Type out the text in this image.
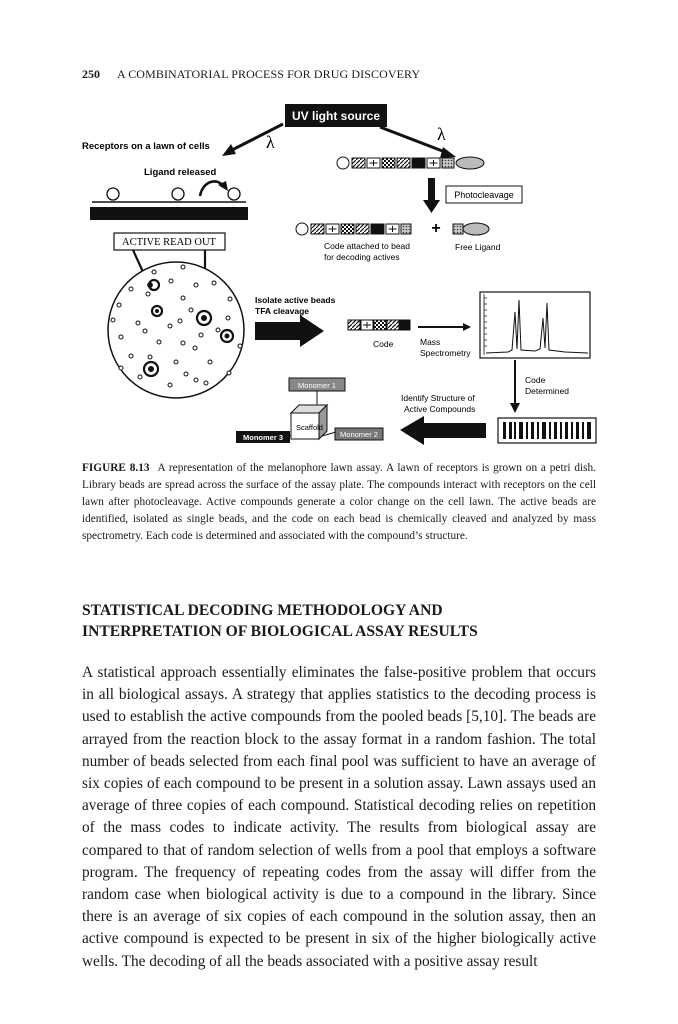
250 A COMBINATORIAL PROCESS FOR DRUG DISCOVERY
UV light source
λ	λ
Receptors on a lawn of cells
Ligand released
ACTIVE READ OUT
Photocleavage
+
Code attached to bead
for decoding actives
Free Ligand
Isolate active beads
TFA cleavage
Code	Mass
Spectrometry
Code
Determined
Identify Structure of
Active Compounds
Monomer 1
Scaffold
Monomer 3	Monomer 2
FIGURE 8.13 A representation of the melanophore lawn assay. A lawn of receptors is grown on a petri dish. Library beads are spread across the surface of the assay plate. The compounds interact with receptors on the cell lawn after photocleavage. Active compounds generate a color change on the cell lawn. The active beads are identified, isolated as single beads, and the code on each bead is chemically cleaved and analyzed by mass spectrometry. Each code is determined and associated with the compound’s structure.
STATISTICAL DECODING METHODOLOGY AND
INTERPRETATION OF BIOLOGICAL ASSAY RESULTS
A statistical approach essentially eliminates the false-positive problem that occurs in all biological assays. A strategy that applies statistics to the decoding process is used to establish the active compounds from the pooled beads [5,10]. The beads are arrayed from the reaction block to the assay format in a random fashion. The total number of beads selected from each final pool was sufficient to have an average of six copies of each compound to be present in a solution assay. Lawn assays used an average of three copies of each compound. Statistical decoding relies on repetition of the mass codes to indicate activity. The results from biological assay are compared to that of random selection of wells from a pool that employs a software program. The frequency of repeating codes from the assay will differ from the random case when biological activity is due to a compound in the library. Since there is an average of six copies of each compound in the solution assay, then an active compound is expected to be present in six of the higher biologically active wells. The decoding of all the beads associated with a positive assay result
